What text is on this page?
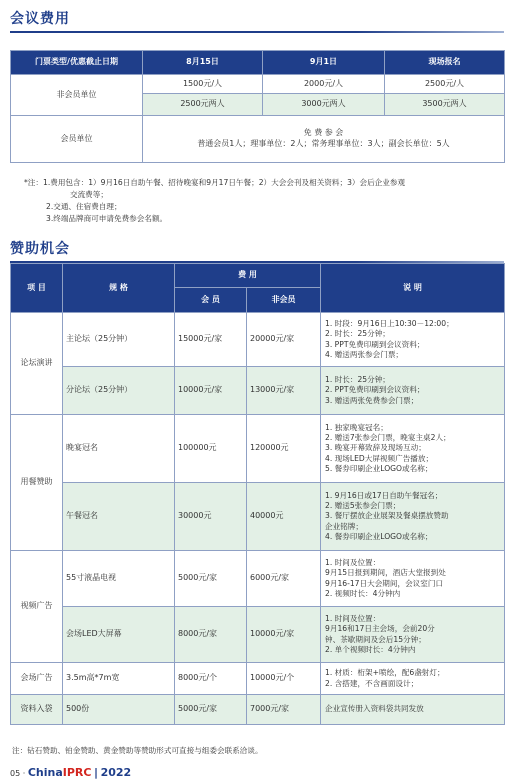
会议费用
门票类型/优惠截止日期	8月15日	9月1日	现场报名
非会员单位	1500元/人	2000元/人	2500元/人
	2500元两人	3000元两人	3500元两人
会员单位	免 费 参 会
普通会员1人；理事单位：2人；常务理事单位：3人；副会长单位：5人		
*注：1.费用包含：1）9月16日自助午餐、招待晚宴和9月17日午餐；2）大会会刊及相关资料；3）会后企业参观
交流费等；
2.交通、住宿费自理；
3.终端品牌商可申请免费参会名额。
赞助机会
项 目	规 格	费 用		说 明
		会 员	非会员	
论坛演讲	主论坛（25分钟）	15000元/家	20000元/家	1. 时段：9月16日上10:30－12:00；
2. 时长：25分钟；
3. PPT免费印刷到会议资料；
4. 赠送两张参会门票；

	分论坛（25分钟）	10000元/家	13000元/家	1. 时长：25分钟；
2. PPT免费印刷到会议资料；
3. 赠送两张免费参会门票；

用餐赞助	晚宴冠名	100000元	120000元	1. 独家晚宴冠名；
2. 赠送7张参会门票，晚宴主桌2人；
3. 晚宴开幕致辞及现场互动；
4. 现场LED大屏视频广告播放；
5. 餐券印刷企业LOGO或名称；

	午餐冠名	30000元	40000元	1. 9月16日或17日自助午餐冠名；
2. 赠送5张参会门票；
3. 餐厅摆放企业展架及餐桌摆放赞助
企业铭牌；
4. 餐券印刷企业LOGO或名称；

视频广告	55寸液晶电视	5000元/家	6000元/家	1. 时间及位置：
9月15日报到期间，酒店大堂报到处
9月16-17日大会期间，会议室门口
2. 视频时长：4分钟内

	会场LED大屏幕	8000元/家	10000元/家	1. 时间及位置：
9月16和17日主会场，会前20分
钟、茶歇期间及会后15分钟；
2. 单个视频时长：4分钟内

会场广告	3.5m高*7m宽	8000元/个	10000元/个	1. 材质：桁架+喷绘，配6盏射灯；
2. 含搭建，不含画面设计；

资料入袋	500份	5000元/家	7000元/家	企业宣传册入资料袋共同发放
注：钻石赞助、铂金赞助、黄金赞助等赞助形式可直接与组委会联系洽谈。
05 · ChinaIPRC | 2022
